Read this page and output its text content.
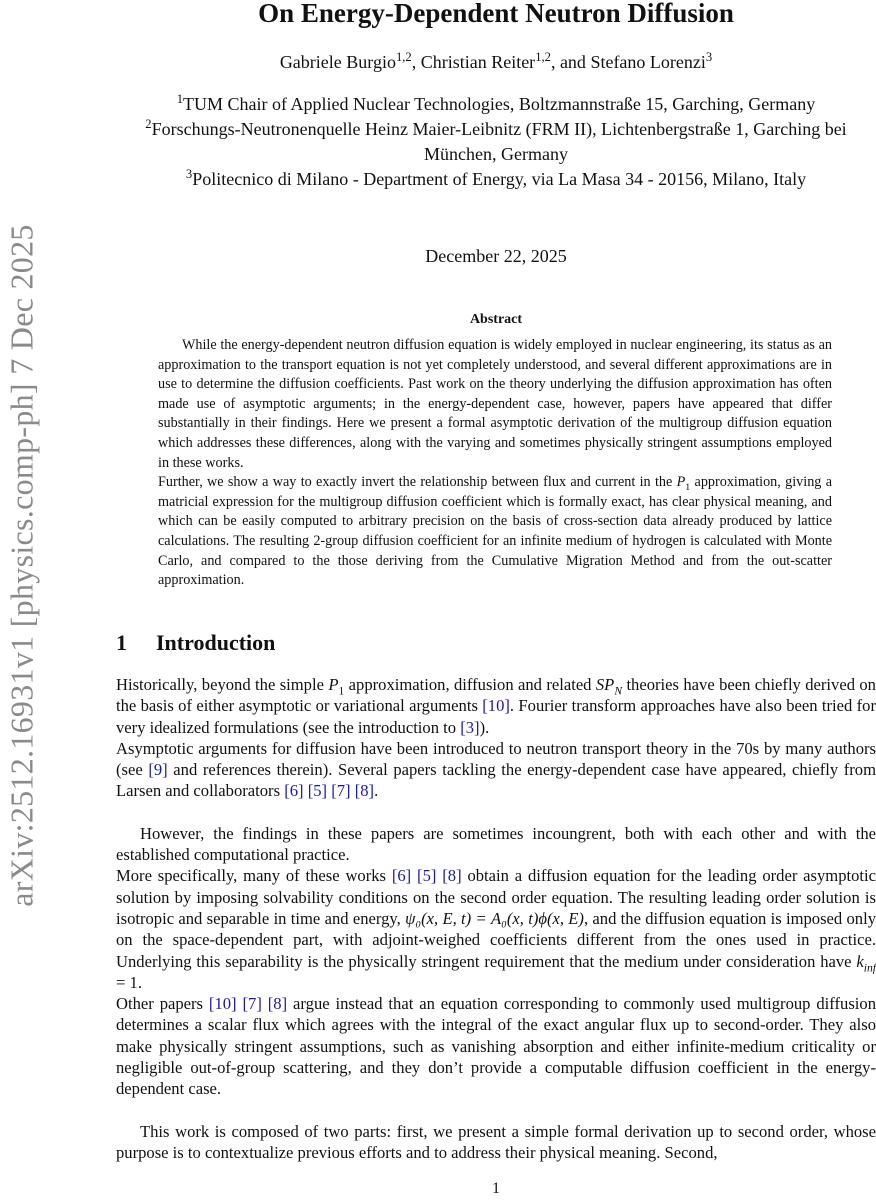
arXiv:2512.16931v1 [physics.comp-ph] 7 Dec 2025
On Energy-Dependent Neutron Diffusion
Gabriele Burgio$^{1,2}$, Christian Reiter$^{1,2}$, and Stefano Lorenzi$^3$
$^1$TUM Chair of Applied Nuclear Technologies, Boltzmannstraße 15, Garching, Germany
$^2$Forschungs-Neutronenquelle Heinz Maier-Leibnitz (FRM II), Lichtenbergstraße 1, Garching bei München, Germany
$^3$Politecnico di Milano - Department of Energy, via La Masa 34 - 20156, Milano, Italy
December 22, 2025
Abstract

While the energy-dependent neutron diffusion equation is widely employed in nuclear engineering, its status as an approximation to the transport equation is not yet completely understood, and several different approximations are in use to determine the diffusion coefficients. Past work on the theory underlying the diffusion approximation has often made use of asymptotic arguments; in the energy-dependent case, however, papers have appeared that differ substantially in their findings. Here we present a formal asymptotic derivation of the multigroup diffusion equation which addresses these differences, along with the varying and sometimes physically stringent assumptions employed in these works.

Further, we show a way to exactly invert the relationship between flux and current in the $P_1$ approximation, giving a matricial expression for the multigroup diffusion coefficient which is formally exact, has clear physical meaning, and which can be easily computed to arbitrary precision on the basis of cross-section data already produced by lattice calculations. The resulting 2-group diffusion coefficient for an infinite medium of hydrogen is calculated with Monte Carlo, and compared to the those deriving from the Cumulative Migration Method and from the out-scatter approximation.

1 Introduction

Historically, beyond the simple $P_1$ approximation, diffusion and related $SP_N$ theories have been chiefly derived on the basis of either asymptotic or variational arguments [10]. Fourier transform approaches have also been tried for very idealized formulations (see the introduction to [3]).

Asymptotic arguments for diffusion have been introduced to neutron transport theory in the 70s by many authors (see [9] and references therein). Several papers tackling the energy-dependent case have appeared, chiefly from Larsen and collaborators [6] [5] [7] [8].

However, the findings in these papers are sometimes incoungrent, both with each other and with the established computational practice.

More specifically, many of these works [6] [5] [8] obtain a diffusion equation for the leading order asymptotic solution by imposing solvability conditions on the second order equation. The resulting leading order solution is isotropic and separable in time and energy, ψ₀(x, E, t) = A₀(x, t)ϕ(x, E), and the diffusion equation is imposed only on the space-dependent part, with adjoint-weighed coefficients different from the ones used in practice. Underlying this separability is the physically stringent requirement that the medium under consideration have $k_{inf} = 1$.

Other papers [10] [7] [8] argue instead that an equation corresponding to commonly used multigroup diffusion determines a scalar flux which agrees with the integral of the exact angular flux up to second-order. They also make physically stringent assumptions, such as vanishing absorption and either infinite-medium criticality or negligible out-of-group scattering, and they don’t provide a computable diffusion coefficient in the energy-dependent case.

This work is composed of two parts: first, we present a simple formal derivation up to second order, whose purpose is to contextualize previous efforts and to address their physical meaning. Second,

1
